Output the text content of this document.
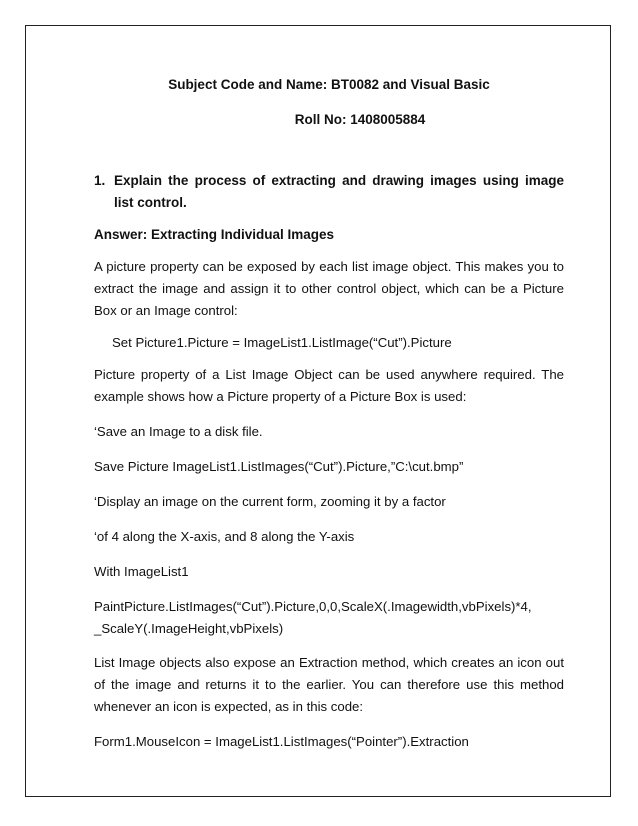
Subject Code and Name: BT0082 and Visual Basic
Roll No: 1408005884
1. Explain the process of extracting and drawing images using image list control.
Answer: Extracting Individual Images

A picture property can be exposed by each list image object. This makes you to extract the image and assign it to other control object, which can be a Picture Box or an Image control:

Set Picture1.Picture = ImageList1.ListImage(“Cut”).Picture

Picture property of a List Image Object can be used anywhere required. The example shows how a Picture property of a Picture Box is used:

‘Save an Image to a disk file.

Save Picture ImageList1.ListImages(“Cut”).Picture,”C:\cut.bmp”

‘Display an image on the current form, zooming it by a factor

‘of 4 along the X-axis, and 8 along the Y-axis

With ImageList1

PaintPicture.ListImages(“Cut”).Picture,0,0,ScaleX(.Imagewidth,vbPixels)*4,

_ScaleY(.ImageHeight,vbPixels)

List Image objects also expose an Extraction method, which creates an icon out of the image and returns it to the earlier. You can therefore use this method whenever an icon is expected, as in this code:

Form1.MouseIcon = ImageList1.ListImages(“Pointer”).Extraction
